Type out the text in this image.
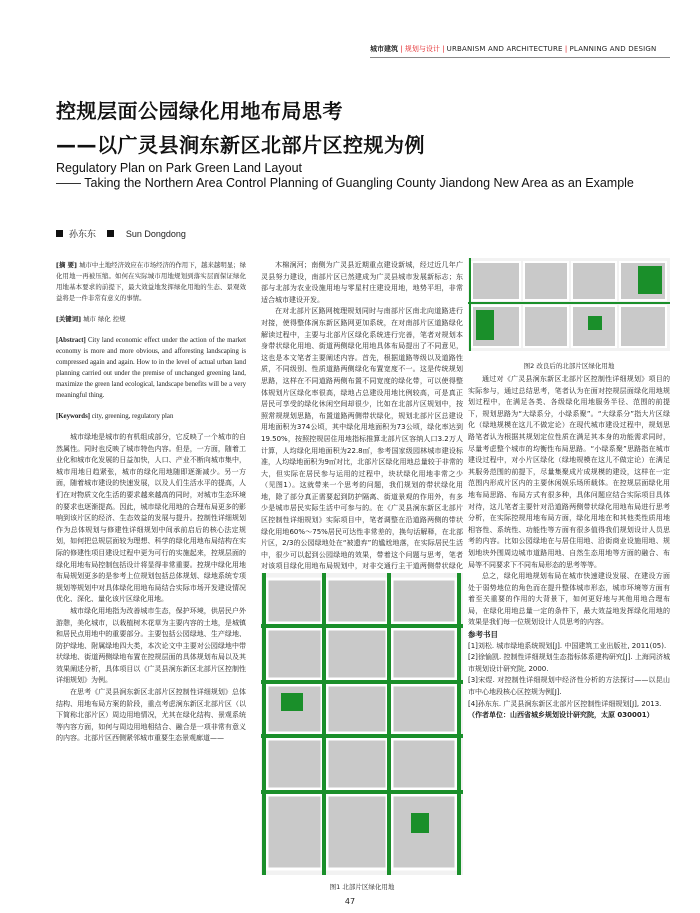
城市建筑 | 规划与设计 | URBANISM AND ARCHITECTURE | PLANNING AND DESIGN
控规层面公园绿化用地布局思考
——以广灵县涧东新区北部片区控规为例
Regulatory Plan on Park Green Land Layout
—— Taking the Northern Area Control Planning of Guangling County Jiandong New Area as an Example
孙东东	Sun Dongdong

[摘 要] 城市中土地经济效应在市场经济的作用下，越来越明显；绿化用地一再被压缩。如何在实际城市用地规划到落实层面保证绿化用地基本要求的前提下，最大效益地发挥绿化用地的生态、景观效益将是一件非常有意义的事情。

[关键词] 城市 绿化 控规

[Abstract] City land economic effect under the action of the market economy is more and more obvious, and afforesting landscaping is compressed again and again. How to in the level of actual urban land planning carried out under the premise of unchanged greening land, maximize the green land ecological, landscape benefits will be a very meaningful thing.

[Keywords] city, greening, regulatory plan

城市绿地是城市的有机组成部分，它反映了一个城市的自然属性。同时也反映了城市特色内容。但是，一方面，随着工业化和城市化发展的日益加快，人口、产业不断向城市集中，城市用地日趋紧张，城市的绿化用地随即逐渐减少。另一方面，随着城市建设的快速发展，以及人们生活水平的提高，人们在对物质文化生活的要求越来越高的同时，对城市生态环境的要求也逐渐提高。因此，城市绿化用地的合理布局更多的影响到该片区的经济、生态效益的发展与提升。控制性详细规划作为总体规划与修建性详细规划中间承前启后的核心法定规划，如何把总规层面较为理想、科学的绿化用地布局结构在实际的修建性项目建设过程中更为可行的实施起来，控规层面的绿化用地布局控制包括设计将显得非常重要。控规中绿化用地布局规划更多的是参考上位规划包括总体规划、绿地系统专项规划等规划中对具体绿化用地布局结合实际市场开发建设情况优化、深化、量化该片区绿化用地。

城市绿化用地指为改善城市生态，保护环境，供居民户外游憩，美化城市，以栽植树木花草为主要内容的土地，是城镇和居民点用地中的重要部分。主要包括公园绿地、生产绿地、防护绿地、附属绿地四大类，本次论文中主要对公园绿地中带状绿地、街道两侧绿地布置在控规层面的具体规划布局以及其效果阐述分析，具体项目以《广灵县涧东新区北部片区控制性详细规划》为例。

在思考《广灵县涧东新区北部片区控制性详细规划》总体结构、用地布局方案的阶段，重点考虑涧东新区北部片区（以下简称北部片区）周边用地情况，尤其在绿化结构、景观系统等内容方面，如何与周边用地相结合、融合是一项非常有意义的内容。北部片区西侧紧邻城市重要生态景观廊道——

木棉涧河；南侧为广灵县近期重点建设新城，经过近几年广灵县努力建设，南部片区已然建成为广灵县城市发展新标志；东部与北部为农业设施用地与零星村庄建设用地，地势平坦，非常适合城市建设开发。

在对北部片区路网梳理规划同时与南部片区南北向道路进行对接，使得整体涧东新区路网更加系统，在对南部片区道路绿化解读过程中，主要与北部片区绿化系统进行完善，笔者对规划本身带状绿化用地、街道两侧绿化用地具体布局提出了不同意见，这也是本文笔者主要阐述内容。首先，根据道路等级以及道路性质，不同级别、性质道路两侧绿化布置宽度不一。这是传统规划思路，这样在不同道路两侧布置不同宽度的绿化带，可以使得整体规划片区绿化率很高，绿地占总建设用地比例较高，可是真正居民可享受的绿化休闲空间却很少，比如在北部片区规划中，按照常规规划思路，布置道路两侧带状绿化，规划北部片区总建设用地面积为374公顷，其中绿化用地面积为73公顷，绿化率达到19.50%，按照控规居住用地指标推算北部片区容纳人口3.2万人计算，人均绿化用地面积为22.8㎡，参考国家级园林城市建设标准，人均绿地面积为9㎡对比，北部片区绿化用地总量较于非常的大，但实际在居民参与运用的过程中，块状绿化用地非常之少（见图1）。这就带来一个思考的问题，我们规划的带状绿化用地，除了部分真正需要起到防护隔离、街道景观的作用外，有多少是城市居民实际生活中可参与的。在《广灵县涧东新区北部片区控制性详细规划》实际项目中，笔者调整在沿道路两侧的带状绿化用地60%～75%居民可达性非常差的，换句话解释，在北部片区，2/3的公园绿地处在“被遗弃”的尴尬地落，在实际居民生活中，很少可以起到公园绿地的效果，带着这个问题与思考，笔者对该项目绿化用地布局规划中，对非交通行主干道两侧带状绿化

图1 北部片区绿化用地
图2 改良后的北部片区绿化用地

通过对《广灵县涧东新区北部片区控制性详细规划》项目的实际参与，通过总结思考，笔者认为在面对控规层面绿化用地规划过程中，在满足各类、各级绿化用地服务半径、范围的前提下，规划思路为“大绿系分，小绿系聚”。“大绿系分”指大片区绿化（绿地规模在这儿不做定论）在现代城市建设过程中，规划思路笔者认为根据其规划定位性质在满足其本身的功能需求同时，尽量考虑整个城市的均衡性布局思路。“小绿系聚”思路指在城市建设过程中，对小片区绿化（绿地规模在这儿不做定论）在满足其服务范围的前提下，尽量集聚成片成规模的建设，这样在一定范围内形成片区内的主要休闲娱乐场所载体。在控规层面绿化用地布局思路、布局方式有很多种，具体问题应结合实际项目具体对待，这儿笔者主要针对沿道路两侧带状绿化用地布局进行思考分析，在实际控规用地布局方面，绿化用地在和其他类性质用地相容性、系统性、功能性等方面有很多值得我们规划设计人员思考的内容。比如公园绿地在与居住用地、沿街商业设施用地、规划地块外围周边城市道路用地、自然生态用地等方面的融合、布局等不同要求下不同布局形态的思考等等。

总之，绿化用地规划布局在城市快速建设发展、在建设方面处于弱势地位的角色而在提升整体城市形态，城市环境等方面有着至关重要的作用的大背景下，如何更好地与其他用地合理布局，在绿化用地总量一定的条件下，最大效益地发挥绿化用地的效果是我们每一位规划设计人员思考的内容。

参考书目

[1]刘松. 城市绿地系统规划[J]. 中国建筑工业出版社, 2011(05).

[2]徐愉凯. 控制性详细规划生态指标体系建构研究[J]. 上海同济城市规划设计研究院, 2000.

[3]宋煜. 对控制性详细规划中经济性分析的方法探讨——以昆山市中心地段核心区控规为例[J].

[4]孙东东. 广灵县涧东新区北部片区控制性详细规划[J], 2013.

（作者单位：山西省城乡规划设计研究院，太原 030001）

47
